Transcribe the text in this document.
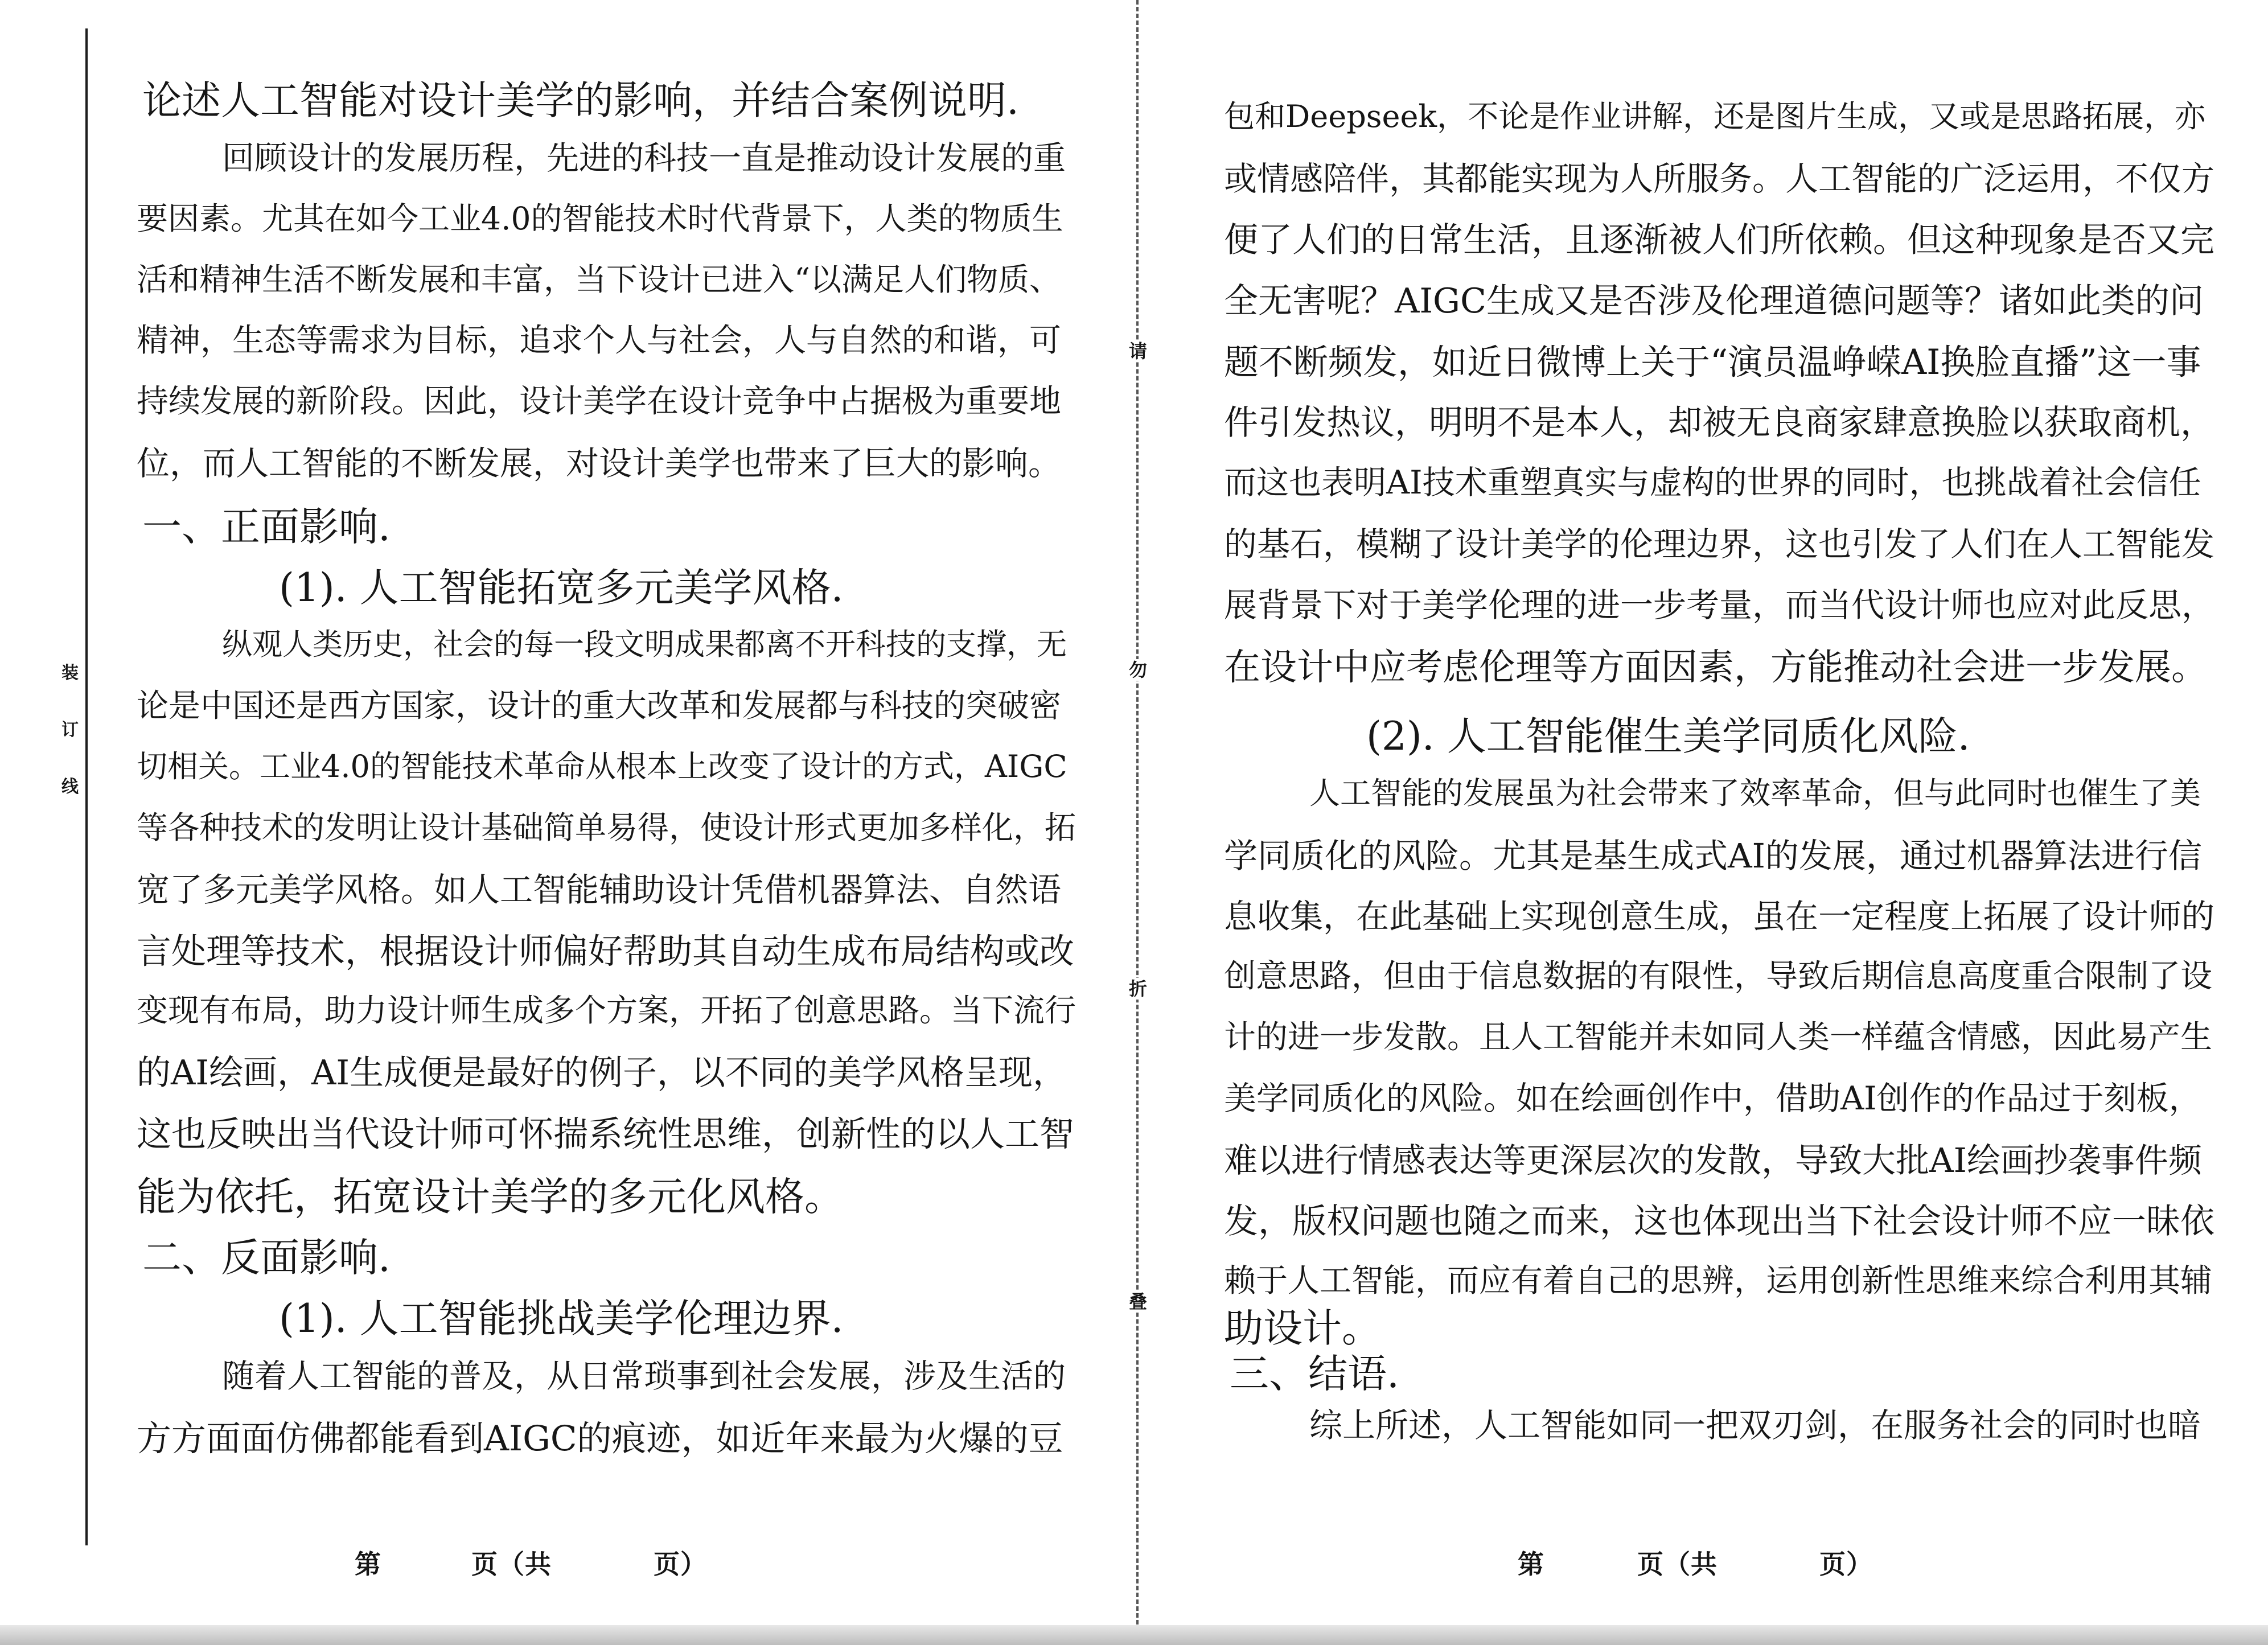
装
订
线
请
勿
折
叠
论述人工智能对设计美学的影响，并结合案例说明.
回顾设计的发展历程，先进的科技一直是推动设计发展的重
要因素。尤其在如今工业4.0的智能技术时代背景下，人类的物质生
活和精神生活不断发展和丰富，当下设计已进入“以满足人们物质、
精神，生态等需求为目标，追求个人与社会，人与自然的和谐，可
持续发展的新阶段。因此，设计美学在设计竞争中占据极为重要地
位，而人工智能的不断发展，对设计美学也带来了巨大的影响。
一、正面影响.
(1). 人工智能拓宽多元美学风格.
纵观人类历史，社会的每一段文明成果都离不开科技的支撑，无
论是中国还是西方国家，设计的重大改革和发展都与科技的突破密
切相关。工业4.0的智能技术革命从根本上改变了设计的方式，AIGC
等各种技术的发明让设计基础简单易得，使设计形式更加多样化，拓
宽了多元美学风格。如人工智能辅助设计凭借机器算法、自然语
言处理等技术，根据设计师偏好帮助其自动生成布局结构或改
变现有布局，助力设计师生成多个方案，开拓了创意思路。当下流行
的AI绘画，AI生成便是最好的例子，以不同的美学风格呈现，
这也反映出当代设计师可怀揣系统性思维，创新性的以人工智
能为依托，拓宽设计美学的多元化风格。
二、反面影响.
(1). 人工智能挑战美学伦理边界.
随着人工智能的普及，从日常琐事到社会发展，涉及生活的
方方面面仿佛都能看到AIGC的痕迹，如近年来最为火爆的豆
包和Deepseek，不论是作业讲解，还是图片生成，又或是思路拓展，亦
或情感陪伴，其都能实现为人所服务。人工智能的广泛运用，不仅方
便了人们的日常生活，且逐渐被人们所依赖。但这种现象是否又完
全无害呢？AIGC生成又是否涉及伦理道德问题等？诸如此类的问
题不断频发，如近日微博上关于“演员温峥嵘AI换脸直播”这一事
件引发热议，明明不是本人，却被无良商家肆意换脸以获取商机，
而这也表明AI技术重塑真实与虚构的世界的同时，也挑战着社会信任
的基石，模糊了设计美学的伦理边界，这也引发了人们在人工智能发
展背景下对于美学伦理的进一步考量，而当代设计师也应对此反思，
在设计中应考虑伦理等方面因素，方能推动社会进一步发展。
(2). 人工智能催生美学同质化风险.
人工智能的发展虽为社会带来了效率革命，但与此同时也催生了美
学同质化的风险。尤其是基生成式AI的发展，通过机器算法进行信
息收集，在此基础上实现创意生成，虽在一定程度上拓展了设计师的
创意思路，但由于信息数据的有限性，导致后期信息高度重合限制了设
计的进一步发散。且人工智能并未如同人类一样蕴含情感，因此易产生
美学同质化的风险。如在绘画创作中，借助AI创作的作品过于刻板，
难以进行情感表达等更深层次的发散，导致大批AI绘画抄袭事件频
发，版权问题也随之而来，这也体现出当下社会设计师不应一昧依
赖于人工智能，而应有着自己的思辨，运用创新性思维来综合利用其辅
助设计。
三、结语.
综上所述，人工智能如同一把双刃剑，在服务社会的同时也暗
第	页（共	页）	第	页（共	页）
